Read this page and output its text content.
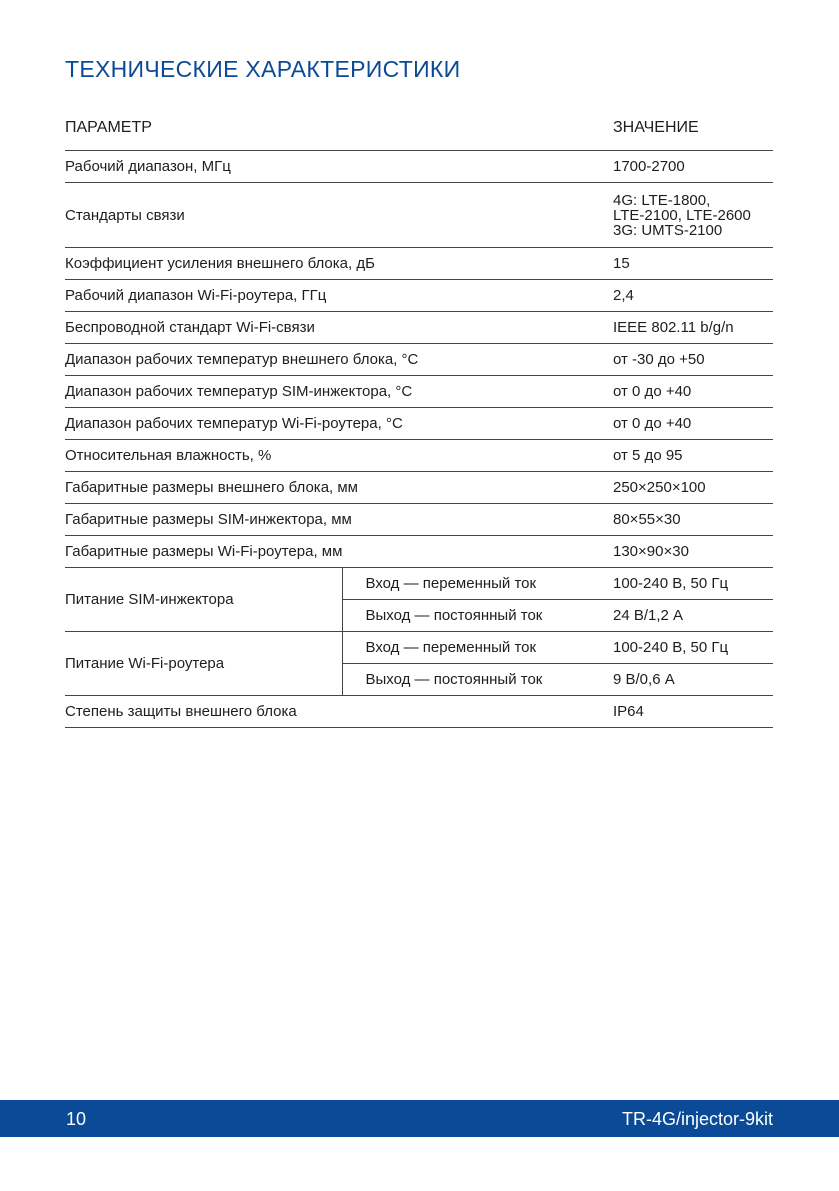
ТЕХНИЧЕСКИЕ ХАРАКТЕРИСТИКИ
ПАРАМЕТР		ЗНАЧЕНИЕ
Рабочий диапазон, МГц		1700-2700
Стандарты связи		4G: LTE-1800,
LTE-2100, LTE-2600
3G: UMTS-2100

Коэффициент усиления внешнего блока, дБ		15
Рабочий диапазон Wi-Fi-роутера, ГГц		2,4
Беспроводной стандарт Wi-Fi-связи		IEEE 802.11 b/g/n
Диапазон рабочих температур внешнего блока, °С		от -30 до +50
Диапазон рабочих температур SIM-инжектора, °С		от 0 до +40
Диапазон рабочих температур Wi-Fi-роутера, °С		от 0 до +40
Относительная влажность, %		от 5 до 95
Габаритные размеры внешнего блока, мм		250×250×100
Габаритные размеры SIM-инжектора, мм		80×55×30
Габаритные размеры Wi-Fi-роутера, мм		130×90×30
Питание SIM-инжектора	Вход — переменный ток	100-240 В, 50 Гц
	Выход — постоянный ток	24 В/1,2 А
Питание Wi-Fi-роутера	Вход — переменный ток	100-240 В, 50 Гц
	Выход — постоянный ток	9 В/0,6 А
Степень защиты внешнего блока		IP64
10	TR-4G/injector-9kit
